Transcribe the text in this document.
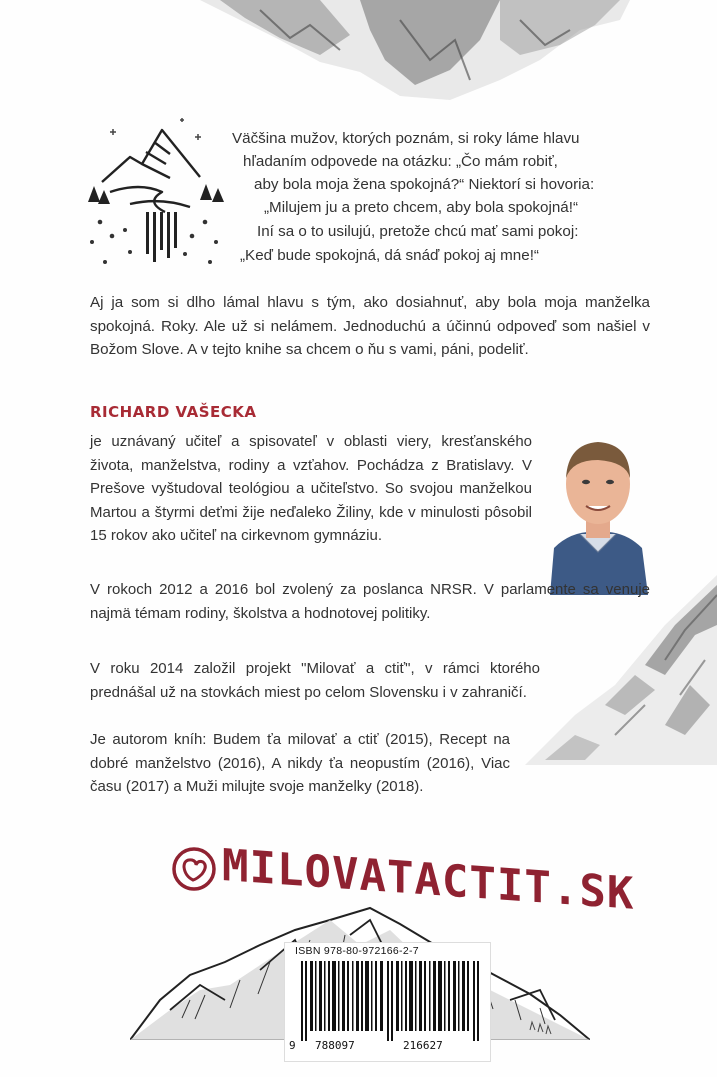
Väčšina mužov, ktorých poznám, si roky láme hlavu
hľadaním odpovede na otázku: „Čo mám robiť,
aby bola moja žena spokojná?“ Niektorí si hovoria:
„Milujem ju a preto chcem, aby bola spokojná!“
Iní sa o to usilujú, pretože chcú mať sami pokoj:
„Keď bude spokojná, dá snáď pokoj aj mne!“
Aj ja som si dlho lámal hlavu s tým, ako dosiahnuť, aby bola moja manželka spokojná. Roky. Ale už si nelámem. Jednoduchú a účinnú odpoveď som našiel v Božom Slove. A v tejto knihe sa chcem o ňu s vami, páni, podeliť.
RICHARD VAŠECKA
je uznávaný učiteľ a spisovateľ v oblasti viery, kresťanského života, manželstva, rodiny a vzťahov. Pochádza z Bratislavy. V Prešove vyštudoval teológiou a učiteľstvo. So svojou manželkou Martou a štyrmi deťmi žije neďaleko Žiliny, kde v minulosti pôsobil 15 rokov ako učiteľ na cirkevnom gymnáziu.
V rokoch 2012 a 2016 bol zvolený za poslanca NRSR. V parlamente sa venuje najmä témam rodiny, školstva a hodnotovej politiky.
V roku 2014 založil projekt "Milovať a ctiť", v rámci ktorého prednášal už na stovkách miest po celom Slovensku i v zahraničí.
Je autorom kníh: Budem ťa milovať a ctiť (2015), Recept na dobré manželstvo (2016), A nikdy ťa neopustím (2016), Viac času (2017) a Muži milujte svoje manželky (2018).
MILOVATACTIT.SK
ISBN 978-80-972166-2-7
9 788097	216627
